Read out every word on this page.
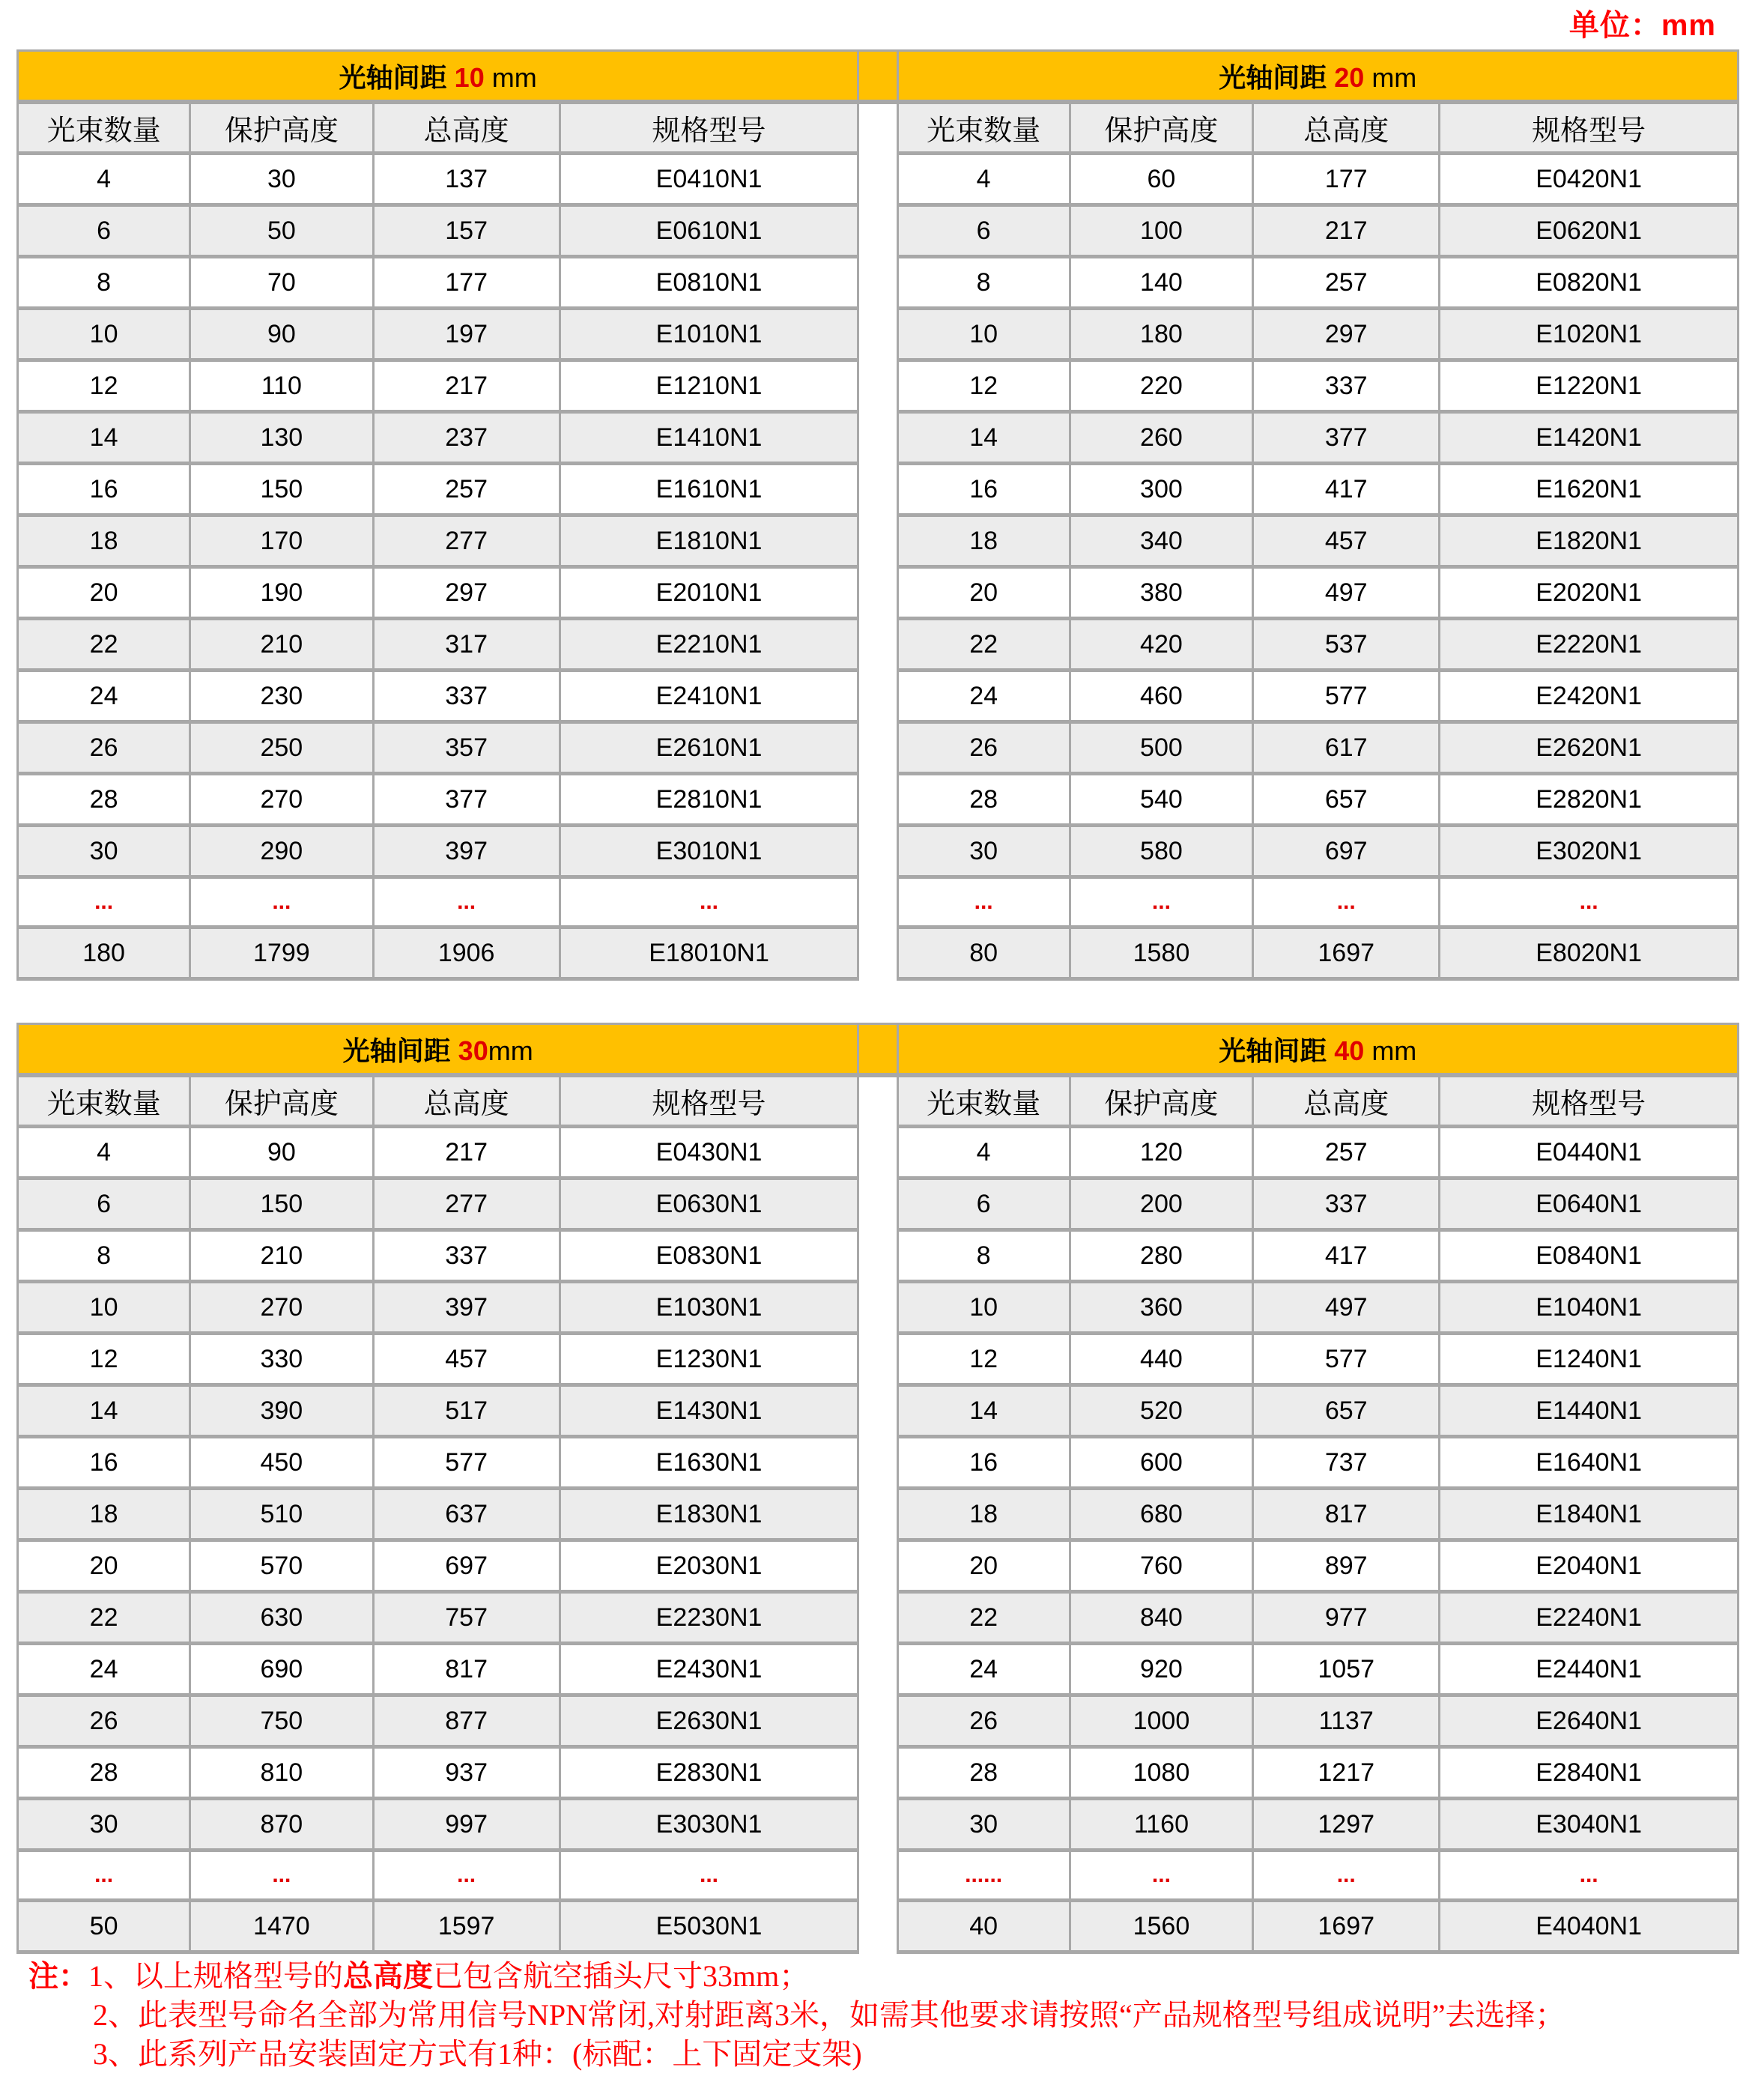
单位：mm
光轴间距 10 mm					光轴间距 20 mm			
光束数量	保护高度	总高度	规格型号		光束数量	保护高度	总高度	规格型号
4	30	137	E0410N1		4	60	177	E0420N1
6	50	157	E0610N1		6	100	217	E0620N1
8	70	177	E0810N1		8	140	257	E0820N1
10	90	197	E1010N1		10	180	297	E1020N1
12	110	217	E1210N1		12	220	337	E1220N1
14	130	237	E1410N1		14	260	377	E1420N1
16	150	257	E1610N1		16	300	417	E1620N1
18	170	277	E1810N1		18	340	457	E1820N1
20	190	297	E2010N1		20	380	497	E2020N1
22	210	317	E2210N1		22	420	537	E2220N1
24	230	337	E2410N1		24	460	577	E2420N1
26	250	357	E2610N1		26	500	617	E2620N1
28	270	377	E2810N1		28	540	657	E2820N1
30	290	397	E3010N1		30	580	697	E3020N1
...	...	...	...		...	...	...	...
180	1799	1906	E18010N1		80	1580	1697	E8020N1
光轴间距 30mm					光轴间距 40 mm			
光束数量	保护高度	总高度	规格型号		光束数量	保护高度	总高度	规格型号
4	90	217	E0430N1		4	120	257	E0440N1
6	150	277	E0630N1		6	200	337	E0640N1
8	210	337	E0830N1		8	280	417	E0840N1
10	270	397	E1030N1		10	360	497	E1040N1
12	330	457	E1230N1		12	440	577	E1240N1
14	390	517	E1430N1		14	520	657	E1440N1
16	450	577	E1630N1		16	600	737	E1640N1
18	510	637	E1830N1		18	680	817	E1840N1
20	570	697	E2030N1		20	760	897	E2040N1
22	630	757	E2230N1		22	840	977	E2240N1
24	690	817	E2430N1		24	920	1057	E2440N1
26	750	877	E2630N1		26	1000	1137	E2640N1
28	810	937	E2830N1		28	1080	1217	E2840N1
30	870	997	E3030N1		30	1160	1297	E3040N1
...	...	...	...		......	...	...	...
50	1470	1597	E5030N1		40	1560	1697	E4040N1
注：1、以上规格型号的总高度已包含航空插头尺寸33mm；
2、此表型号命名全部为常用信号NPN常闭,对射距离3米，如需其他要求请按照“产品规格型号组成说明”去选择；
3、此系列产品安装固定方式有1种：(标配：上下固定支架)
